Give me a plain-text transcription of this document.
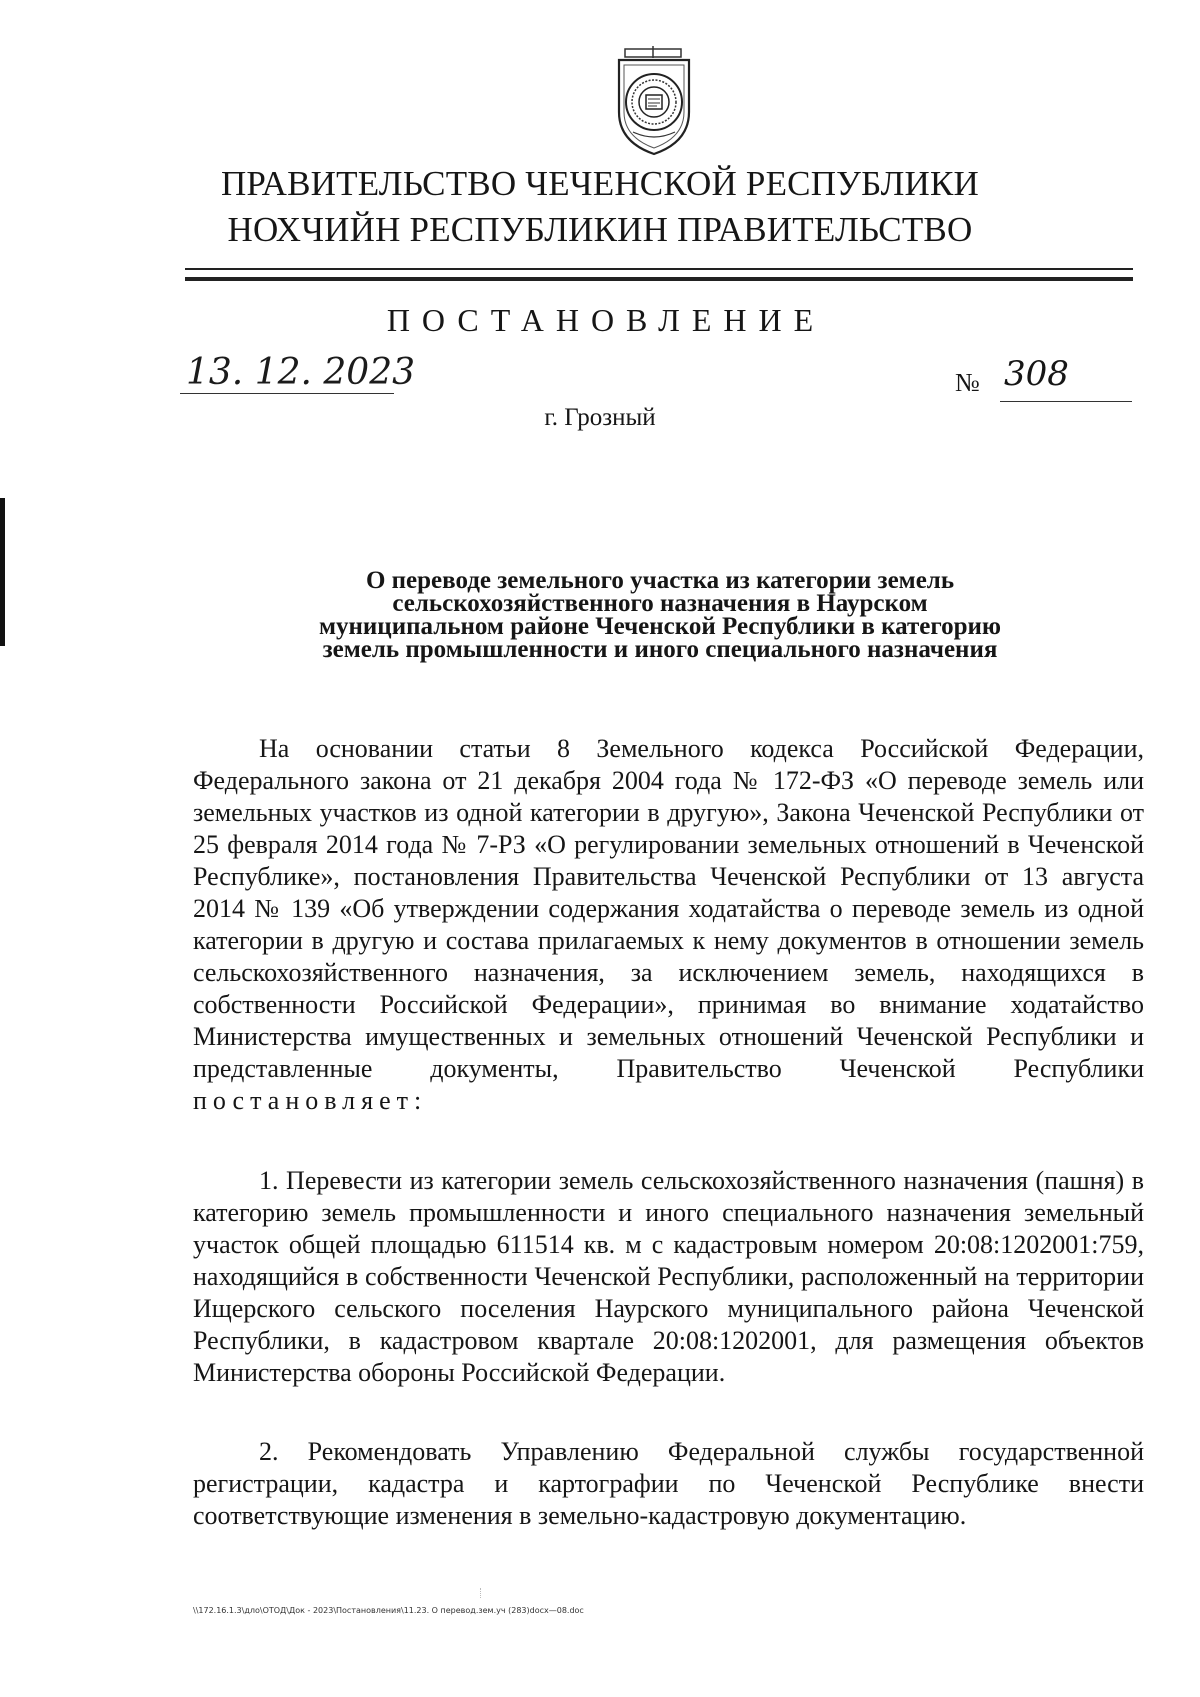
ПРАВИТЕЛЬСТВО ЧЕЧЕНСКОЙ РЕСПУБЛИКИ
НОХЧИЙН РЕСПУБЛИКИН ПРАВИТЕЛЬСТВО
ПОСТАНОВЛЕНИЕ
13. 12. 2023	№ 308
г. Грозный
О переводе земельного участка из категории земель
сельскохозяйственного назначения в Наурском
муниципальном районе Чеченской Республики в категорию
земель промышленности и иного специального назначения
На основании статьи 8 Земельного кодекса Российской Федерации, Федерального закона от 21 декабря 2004 года № 172-ФЗ «О переводе земель или земельных участков из одной категории в другую», Закона Чеченской Республики от 25 февраля 2014 года № 7-РЗ «О регулировании земельных отношений в Чеченской Республике», постановления Правительства Чеченской Республики от 13 августа 2014 № 139 «Об утверждении содержания ходатайства о переводе земель из одной категории в другую и состава прилагаемых к нему документов в отношении земель сельскохозяйственного назначения, за исключением земель, находящихся в собственности Российской Федерации», принимая во внимание ходатайство Министерства имущественных и земельных отношений Чеченской Республики и представленные документы, Правительство Чеченской Республики постановляет:
1. Перевести из категории земель сельскохозяйственного назначения (пашня) в категорию земель промышленности и иного специального назначения земельный участок общей площадью 611514 кв. м с кадастровым номером 20:08:1202001:759, находящийся в собственности Чеченской Республики, расположенный на территории Ищерского сельского поселения Наурского муниципального района Чеченской Республики, в кадастровом квартале 20:08:1202001, для размещения объектов Министерства обороны Российской Федерации.
2. Рекомендовать Управлению Федеральной службы государственной регистрации, кадастра и картографии по Чеченской Республике внести соответствующие изменения в земельно-кадастровую документацию.
\\172.16.1.3\дло\ОТОД\Док - 2023\Постановления\11.23. О перевод.зем.уч (283)docx—08.doc
